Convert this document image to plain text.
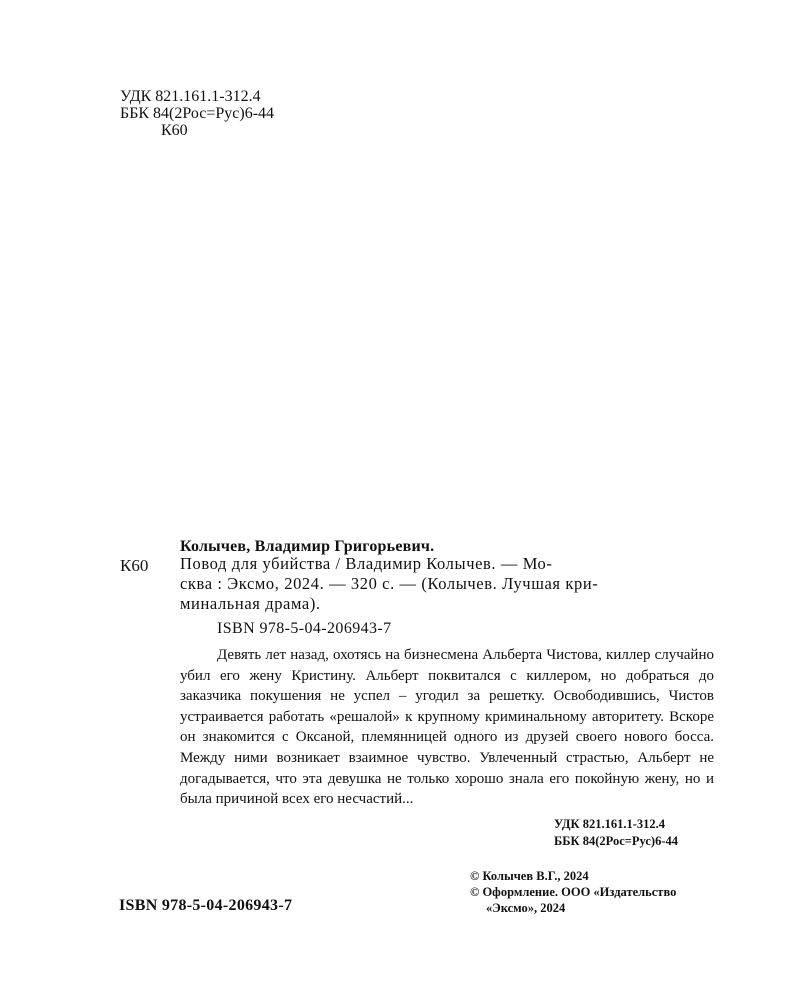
УДК 821.161.1-312.4
ББК 84(2Рос=Рус)6-44
К60
Колычев, Владимир Григорьевич.
К60 Повод для убийства / Владимир Колычев. — Мо-
сква : Эксмо, 2024. — 320 с. — (Колычев. Лучшая кри-
минальная драма).
ISBN 978-5-04-206943-7

Девять лет назад, охотясь на бизнесмена Альберта Чистова, киллер случайно убил его жену Кристину. Альберт поквитался с киллером, но добраться до заказчика покушения не успел – угодил за решетку. Освободившись, Чистов устраивается работать «решалой» к крупному криминальному авторитету. Вскоре он знакомится с Оксаной, племянницей одного из друзей своего нового босса. Между ними возникает взаимное чувство. Увлеченный страстью, Альберт не догадывается, что эта девушка не только хорошо знала его покойную жену, но и была причиной всех его несчастий...

УДК 821.161.1-312.4
ББК 84(2Рос=Рус)6-44
© Колычев В.Г., 2024
© Оформление. ООО «Издательство
«Эксмо», 2024
ISBN 978-5-04-206943-7
